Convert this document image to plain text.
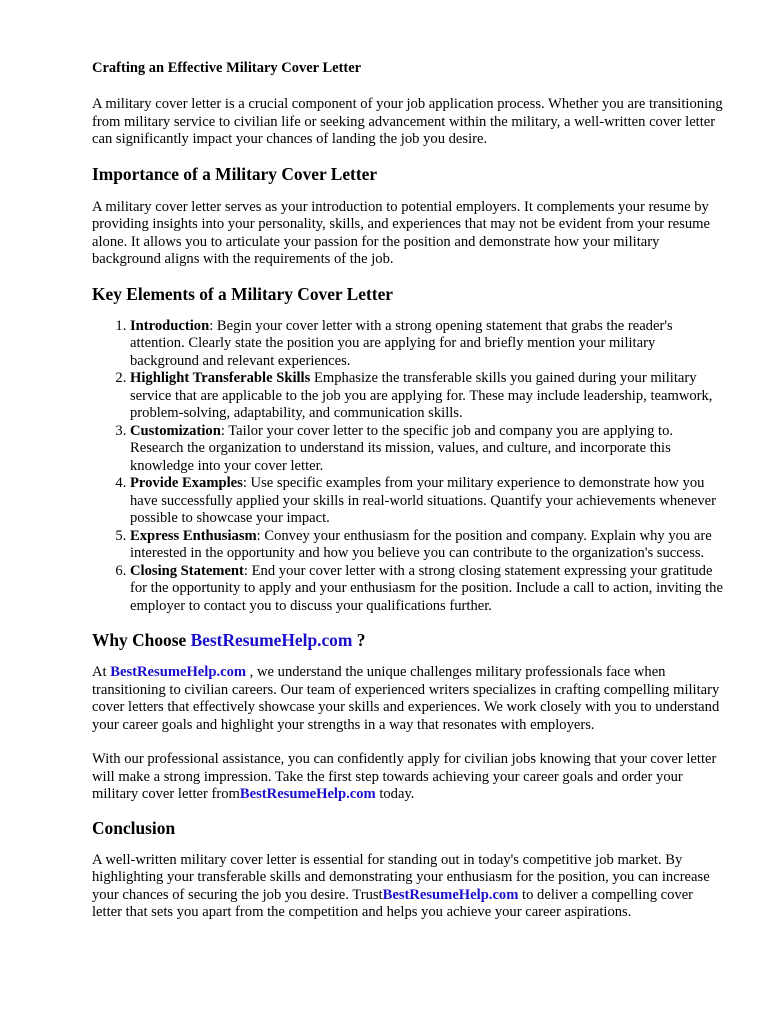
Crafting an Effective Military Cover Letter

A military cover letter is a crucial component of your job application process. Whether you are transitioning from military service to civilian life or seeking advancement within the military, a well-written cover letter can significantly impact your chances of landing the job you desire.

Importance of a Military Cover Letter

A military cover letter serves as your introduction to potential employers. It complements your resume by providing insights into your personality, skills, and experiences that may not be evident from your resume alone. It allows you to articulate your passion for the position and demonstrate how your military background aligns with the requirements of the job.

Key Elements of a Military Cover Letter
1. Introduction: Begin your cover letter with a strong opening statement that grabs the reader's attention. Clearly state the position you are applying for and briefly mention your military background and relevant experiences.
2. Highlight Transferable Skills Emphasize the transferable skills you gained during your military service that are applicable to the job you are applying for. These may include leadership, teamwork, problem-solving, adaptability, and communication skills.
3. Customization: Tailor your cover letter to the specific job and company you are applying to. Research the organization to understand its mission, values, and culture, and incorporate this knowledge into your cover letter.
4. Provide Examples: Use specific examples from your military experience to demonstrate how you have successfully applied your skills in real-world situations. Quantify your achievements whenever possible to showcase your impact.
5. Express Enthusiasm: Convey your enthusiasm for the position and company. Explain why you are interested in the opportunity and how you believe you can contribute to the organization's success.
6. Closing Statement: End your cover letter with a strong closing statement expressing your gratitude for the opportunity to apply and your enthusiasm for the position. Include a call to action, inviting the employer to contact you to discuss your qualifications further.
Why Choose BestResumeHelp.com ?

At BestResumeHelp.com , we understand the unique challenges military professionals face when transitioning to civilian careers. Our team of experienced writers specializes in crafting compelling military cover letters that effectively showcase your skills and experiences. We work closely with you to understand your career goals and highlight your strengths in a way that resonates with employers.

With our professional assistance, you can confidently apply for civilian jobs knowing that your cover letter will make a strong impression. Take the first step towards achieving your career goals and order your military cover letter fromBestResumeHelp.com today.

Conclusion

A well-written military cover letter is essential for standing out in today's competitive job market. By highlighting your transferable skills and demonstrating your enthusiasm for the position, you can increase your chances of securing the job you desire. TrustBestResumeHelp.com to deliver a compelling cover letter that sets you apart from the competition and helps you achieve your career aspirations.
